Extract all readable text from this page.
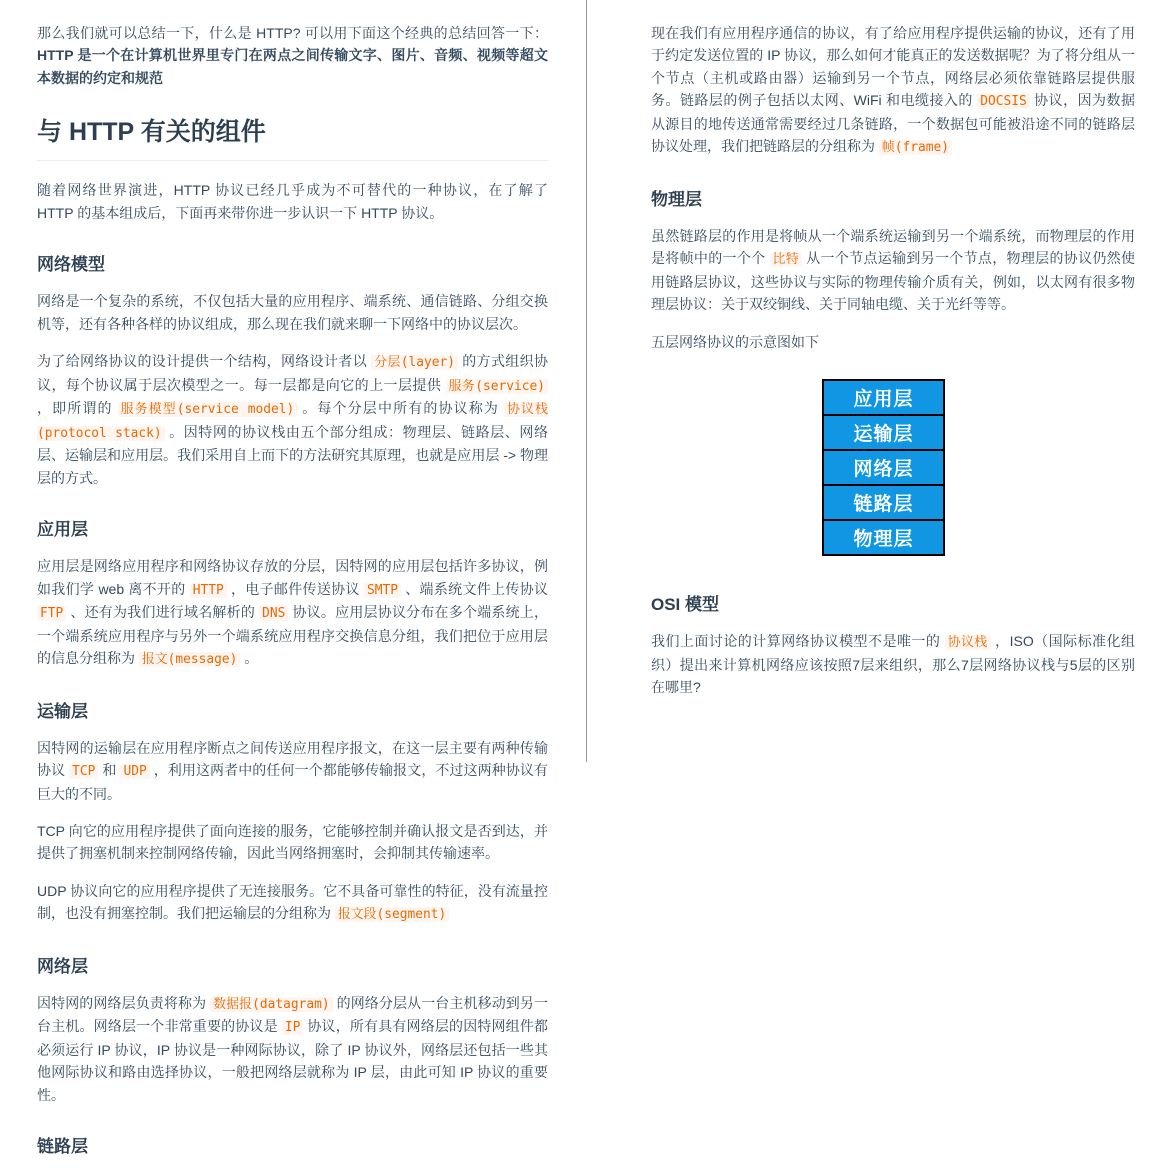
那么我们就可以总结一下，什么是 HTTP? 可以用下面这个经典的总结回答一下： HTTP 是一个在计算机世界里专门在两点之间传输文字、图片、音频、视频等超文本数据的约定和规范

与 HTTP 有关的组件

随着网络世界演进，HTTP 协议已经几乎成为不可替代的一种协议，在了解了 HTTP 的基本组成后，下面再来带你进一步认识一下 HTTP 协议。

网络模型

网络是一个复杂的系统，不仅包括大量的应用程序、端系统、通信链路、分组交换机等，还有各种各样的协议组成，那么现在我们就来聊一下网络中的协议层次。

为了给网络协议的设计提供一个结构，网络设计者以 分层(layer) 的方式组织协议，每个协议属于层次模型之一。每一层都是向它的上一层提供 服务(service) ，即所谓的 服务模型(service model) 。每个分层中所有的协议称为 协议栈(protocol stack) 。因特网的协议栈由五个部分组成：物理层、链路层、网络层、运输层和应用层。我们采用自上而下的方法研究其原理，也就是应用层 -> 物理层的方式。

应用层

应用层是网络应用程序和网络协议存放的分层，因特网的应用层包括许多协议，例如我们学 web 离不开的 HTTP ，电子邮件传送协议 SMTP 、端系统文件上传协议 FTP 、还有为我们进行域名解析的 DNS 协议。应用层协议分布在多个端系统上，一个端系统应用程序与另外一个端系统应用程序交换信息分组，我们把位于应用层的信息分组称为 报文(message) 。

运输层

因特网的运输层在应用程序断点之间传送应用程序报文，在这一层主要有两种传输协议 TCP 和 UDP ，利用这两者中的任何一个都能够传输报文，不过这两种协议有巨大的不同。

TCP 向它的应用程序提供了面向连接的服务，它能够控制并确认报文是否到达，并提供了拥塞机制来控制网络传输，因此当网络拥塞时，会抑制其传输速率。

UDP 协议向它的应用程序提供了无连接服务。它不具备可靠性的特征，没有流量控制，也没有拥塞控制。我们把运输层的分组称为 报文段(segment)

网络层

因特网的网络层负责将称为 数据报(datagram) 的网络分层从一台主机移动到另一台主机。网络层一个非常重要的协议是 IP 协议，所有具有网络层的因特网组件都必须运行 IP 协议，IP 协议是一种网际协议，除了 IP 协议外，网络层还包括一些其他网际协议和路由选择协议，一般把网络层就称为 IP 层，由此可知 IP 协议的重要性。

链路层

现在我们有应用程序通信的协议，有了给应用程序提供运输的协议，还有了用于约定发送位置的 IP 协议，那么如何才能真正的发送数据呢？为了将分组从一个节点（主机或路由器）运输到另一个节点，网络层必须依靠链路层提供服务。链路层的例子包括以太网、WiFi 和电缆接入的 DOCSIS 协议，因为数据从源目的地传送通常需要经过几条链路，一个数据包可能被沿途不同的链路层协议处理，我们把链路层的分组称为 帧(frame)

物理层

虽然链路层的作用是将帧从一个端系统运输到另一个端系统，而物理层的作用是将帧中的一个个 比特 从一个节点运输到另一个节点，物理层的协议仍然使用链路层协议，这些协议与实际的物理传输介质有关，例如，以太网有很多物理层协议：关于双绞铜线、关于同轴电缆、关于光纤等等。

五层网络协议的示意图如下

应用层
运输层
网络层
链路层
物理层
OSI 模型

我们上面讨论的计算网络协议模型不是唯一的 协议栈 ，ISO（国际标准化组织）提出来计算机网络应该按照7层来组织，那么7层网络协议栈与5层的区别在哪里?
